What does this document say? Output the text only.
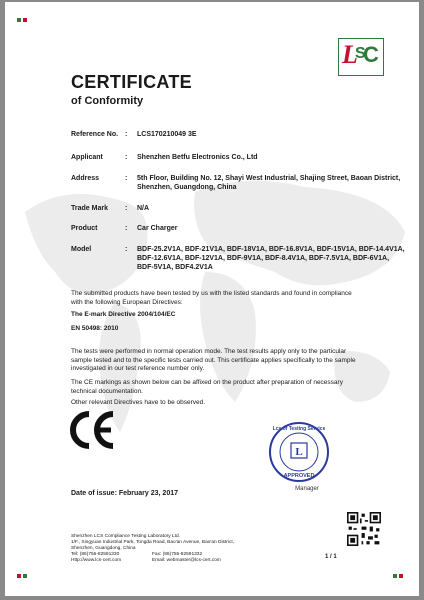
L
S
C
CERTIFICATE
of Conformity
Reference No. : LCS170210049 3E
Applicant	: Shenzhen Betfu Electronics Co., Ltd
Address	: 5th Floor, Building No. 12, Shayi West Industrial, Shajing Street, Baoan District, Shenzhen, Guangdong, China
Trade Mark	: N/A
Product	: Car Charger
Model	: BDF-25.2V1A, BDF-21V1A, BDF-18V1A, BDF-16.8V1A, BDF-15V1A, BDF-14.4V1A, BDF-12.6V1A, BDF-12V1A, BDF-9V1A, BDF-8.4V1A, BDF-7.5V1A, BDF-6V1A, BDF-5V1A, BDF4.2V1A
The submitted products have been tested by us with the listed standards and found in compliance with the following European Directives:
The E-mark Directive 2004/104/EC
EN 50498: 2010
The tests were performed in normal operation mode. The test results apply only to the particular sample tested and to the specific tests carried out. This certificate applies specifically to the sample investigated in our test reference number only.
The CE markings as shown below can be affixed on the product after preparation of necessary technical documentation.
Other relevant Directives have to be observed.
L
Lcs of Testing Service
APPROVED
Manager
Date of issue: February 23, 2017
Shenzhen LCS Compliance Testing Laboratory Ltd.
1/F., Xingyuan Industrial Park, Tongda Road, Bao'an Avenue, Bao'an District,
Shenzhen, Guangdong, China
Tel: (86)755-82591330
Http://www.lcs-cert.com
Fax: (86)755-82591332
Email: webmaster@lcs-cert.com
1 / 1
